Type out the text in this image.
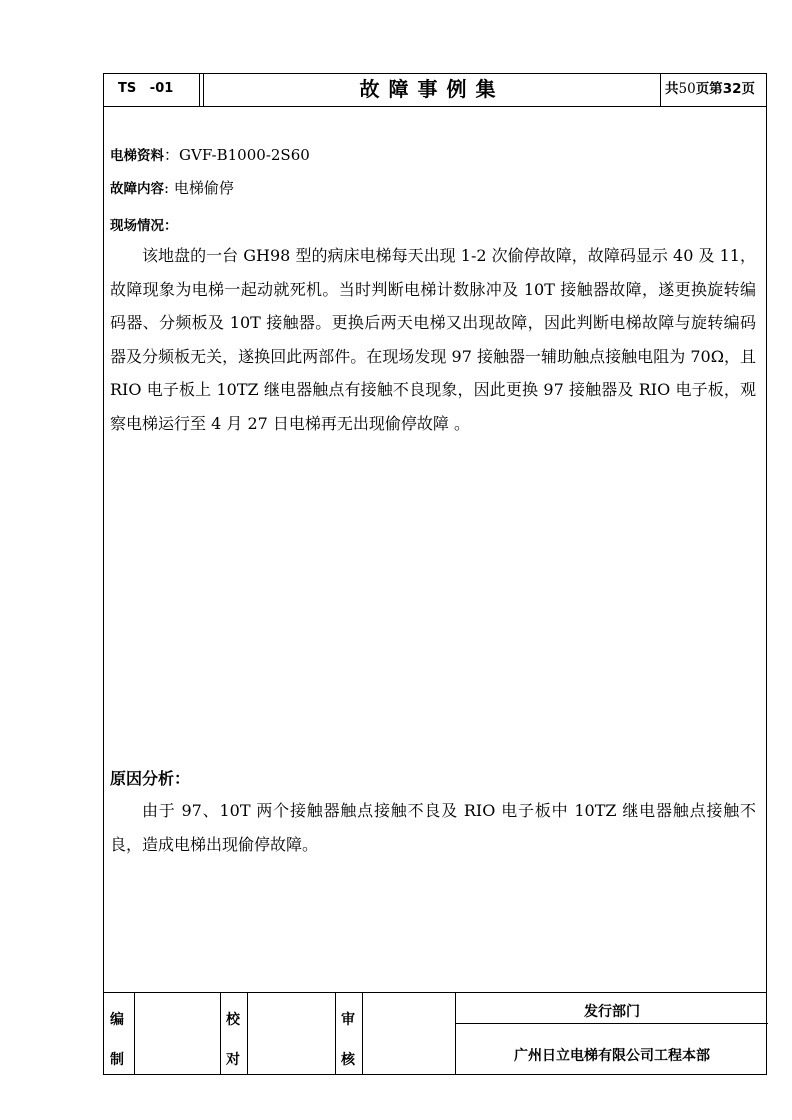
TS   -01	故障事例集	共50页第32页
电梯资料：GVF-B1000-2S60
故障内容: 电梯偷停
现场情况：

该地盘的一台 GH98 型的病床电梯每天出现 1-2 次偷停故障，故障码显示 40 及 11，故障现象为电梯一起动就死机。当时判断电梯计数脉冲及 10T 接触器故障，遂更换旋转编码器、分频板及 10T 接触器。更换后两天电梯又出现故障，因此判断电梯故障与旋转编码器及分频板无关，遂换回此两部件。在现场发现 97 接触器一辅助触点接触电阻为 70Ω，且 RIO 电子板上 10TZ 继电器触点有接触不良现象，因此更换 97 接触器及 RIO 电子板，观察电梯运行至 4 月 27 日电梯再无出现偷停故障 。

原因分析：

由于 97、10T 两个接触器触点接触不良及 RIO 电子板中 10TZ 继电器触点接触不良，造成电梯出现偷停故障。

编
制
校
对
审
核
发行部门
广州日立电梯有限公司工程本部
